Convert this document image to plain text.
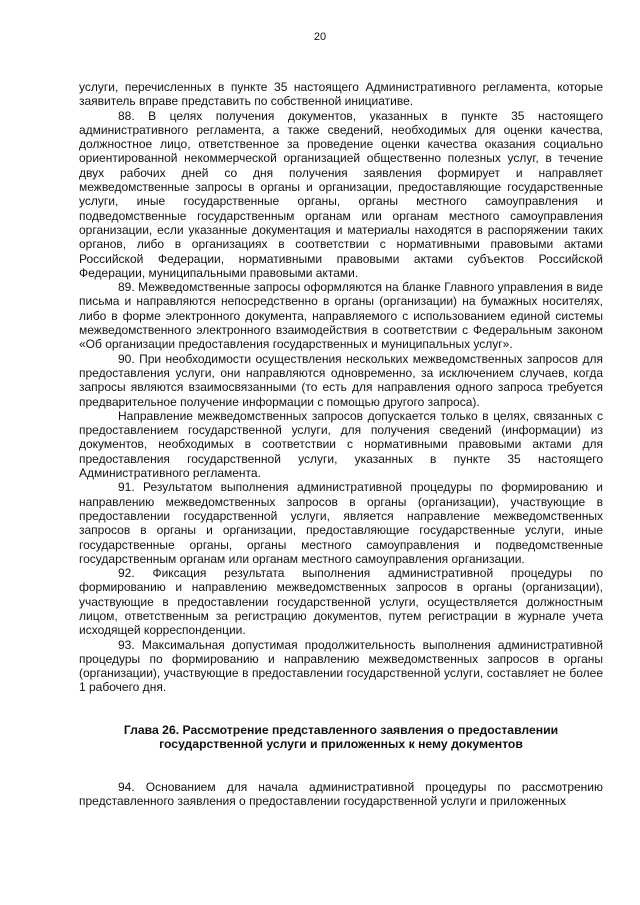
20

услуги, перечисленных в пункте 35 настоящего Административного регламента, которые заявитель вправе представить по собственной инициативе.

88. В целях получения документов, указанных в пункте 35 настоящего административного регламента, а также сведений, необходимых для оценки качества, должностное лицо, ответственное за проведение оценки качества оказания социально ориентированной некоммерческой организацией общественно полезных услуг, в течение двух рабочих дней со дня получения заявления формирует и направляет межведомственные запросы в органы и организации, предоставляющие государственные услуги, иные государственные органы, органы местного самоуправления и подведомственные государственным органам или органам местного самоуправления организации, если указанные документация и материалы находятся в распоряжении таких органов, либо в организациях в соответствии с нормативными правовыми актами Российской Федерации, нормативными правовыми актами субъектов Российской Федерации, муниципальными правовыми актами.

89. Межведомственные запросы оформляются на бланке Главного управления в виде письма и направляются непосредственно в органы (организации) на бумажных носителях, либо в форме электронного документа, направляемого с использованием единой системы межведомственного электронного взаимодействия в соответствии с Федеральным законом «Об организации предоставления государственных и муниципальных услуг».

90. При необходимости осуществления нескольких межведомственных запросов для предоставления услуги, они направляются одновременно, за исключением случаев, когда запросы являются взаимосвязанными (то есть для направления одного запроса требуется предварительное получение информации с помощью другого запроса).

Направление межведомственных запросов допускается только в целях, связанных с предоставлением государственной услуги, для получения сведений (информации) из документов, необходимых в соответствии с нормативными правовыми актами для предоставления государственной услуги, указанных в пункте 35 настоящего Административного регламента.

91. Результатом выполнения административной процедуры по формированию и направлению межведомственных запросов в органы (организации), участвующие в предоставлении государственной услуги, является направление межведомственных запросов в органы и организации, предоставляющие государственные услуги, иные государственные органы, органы местного самоуправления и подведомственные государственным органам или органам местного самоуправления организации.

92. Фиксация результата выполнения административной процедуры по формированию и направлению межведомственных запросов в органы (организации), участвующие в предоставлении государственной услуги, осуществляется должностным лицом, ответственным за регистрацию документов, путем регистрации в журнале учета исходящей корреспонденции.

93. Максимальная допустимая продолжительность выполнения административной процедуры по формированию и направлению межведомственных запросов в органы (организации), участвующие в предоставлении государственной услуги, составляет не более 1 рабочего дня.

Глава 26. Рассмотрение представленного заявления о предоставлении
государственной услуги и приложенных к нему документов

94. Основанием для начала административной процедуры по рассмотрению представленного заявления о предоставлении государственной услуги и приложенных
